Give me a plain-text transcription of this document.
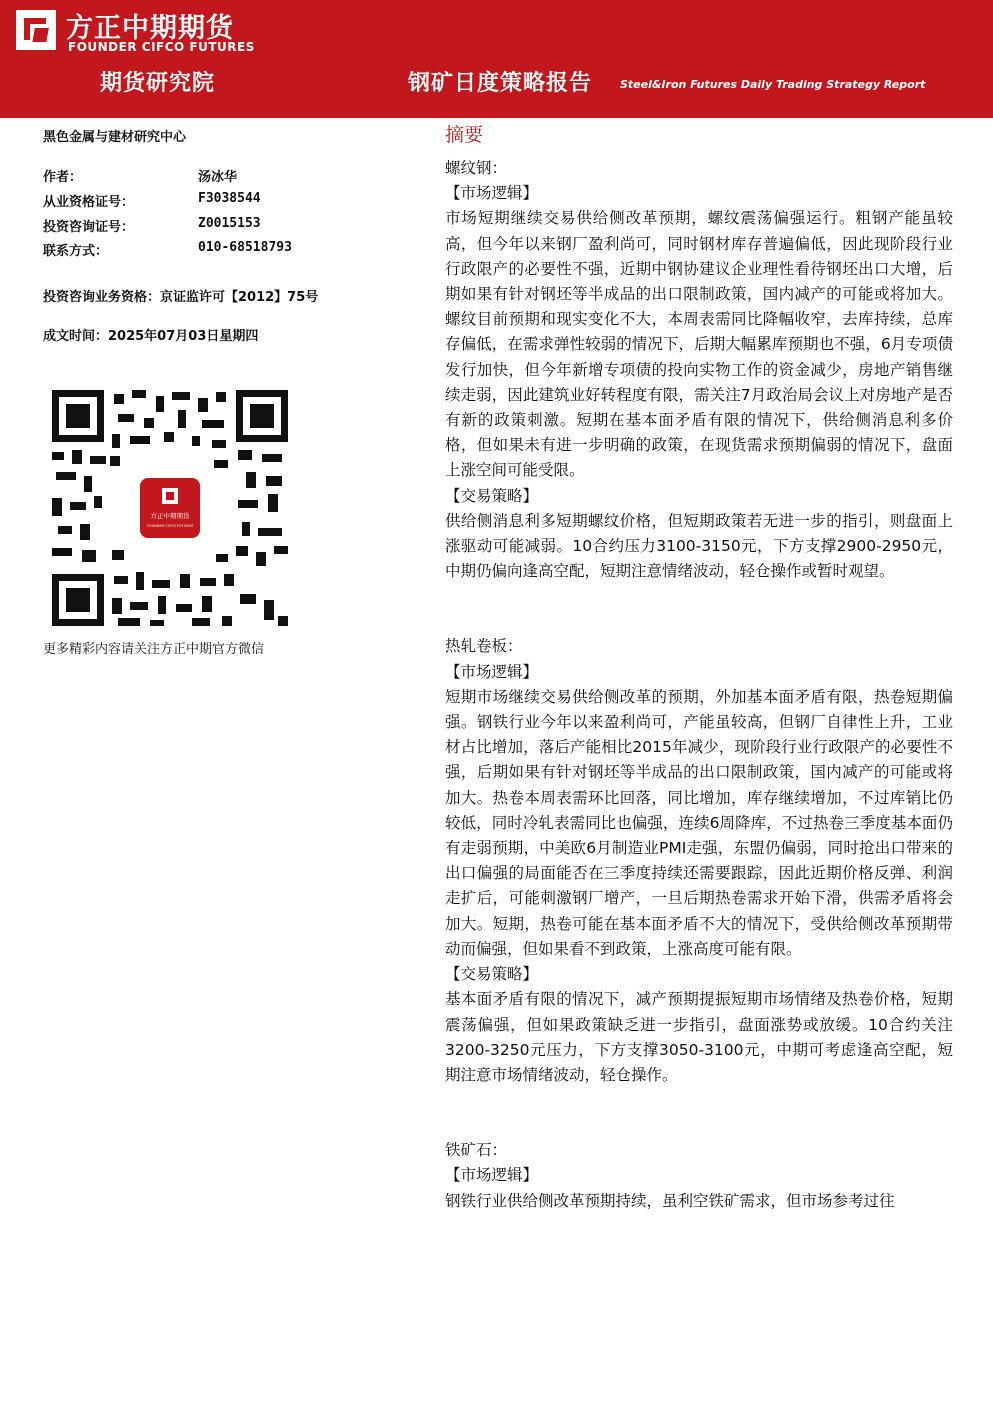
方正中期期货
FOUNDER CIFCO FUTURES
期货研究院	钢矿日度策略报告	Steel&Iron Futures Daily Trading Strategy Report
黑色金属与建材研究中心
作者：	汤冰华
从业资格证号：	F3038544
投资咨询证号：	Z0015153
联系方式：	010-68518793
投资咨询业务资格：京证监许可【2012】75号
成文时间：2025年07月03日星期四
更多精彩内容请关注方正中期官方微信
方正中期期货
FOUNDER CIFCO FUTURES
摘要
螺纹钢：
【市场逻辑】

市场短期继续交易供给侧改革预期，螺纹震荡偏强运行。粗钢产能虽较高，但今年以来钢厂盈利尚可，同时钢材库存普遍偏低，因此现阶段行业行政限产的必要性不强，近期中钢协建议企业理性看待钢坯出口大增，后期如果有针对钢坯等半成品的出口限制政策，国内减产的可能或将加大。螺纹目前预期和现实变化不大，本周表需同比降幅收窄，去库持续，总库存偏低，在需求弹性较弱的情况下，后期大幅累库预期也不强，6月专项债发行加快，但今年新增专项债的投向实物工作的资金减少，房地产销售继续走弱，因此建筑业好转程度有限，需关注7月政治局会议上对房地产是否有新的政策刺激。短期在基本面矛盾有限的情况下，供给侧消息利多价格，但如果未有进一步明确的政策，在现货需求预期偏弱的情况下，盘面上涨空间可能受限。

【交易策略】

供给侧消息利多短期螺纹价格，但短期政策若无进一步的指引，则盘面上涨驱动可能减弱。10合约压力3100-3150元，下方支撑2900-2950元，中期仍偏向逢高空配，短期注意情绪波动，轻仓操作或暂时观望。

热轧卷板：
【市场逻辑】

短期市场继续交易供给侧改革的预期，外加基本面矛盾有限，热卷短期偏强。钢铁行业今年以来盈利尚可，产能虽较高，但钢厂自律性上升，工业材占比增加，落后产能相比2015年减少，现阶段行业行政限产的必要性不强，后期如果有针对钢坯等半成品的出口限制政策，国内减产的可能或将加大。热卷本周表需环比回落，同比增加，库存继续增加，不过库销比仍较低，同时冷轧表需同比也偏强，连续6周降库，不过热卷三季度基本面仍有走弱预期，中美欧6月制造业PMI走强，东盟仍偏弱，同时抢出口带来的出口偏强的局面能否在三季度持续还需要跟踪，因此近期价格反弹、利润走扩后，可能刺激钢厂增产，一旦后期热卷需求开始下滑，供需矛盾将会加大。短期，热卷可能在基本面矛盾不大的情况下，受供给侧改革预期带动而偏强，但如果看不到政策，上涨高度可能有限。

【交易策略】

基本面矛盾有限的情况下，减产预期提振短期市场情绪及热卷价格，短期震荡偏强，但如果政策缺乏进一步指引，盘面涨势或放缓。10合约关注3200-3250元压力，下方支撑3050-3100元，中期可考虑逢高空配，短期注意市场情绪波动，轻仓操作。

铁矿石：
【市场逻辑】

钢铁行业供给侧改革预期持续，虽利空铁矿需求，但市场参考过往
